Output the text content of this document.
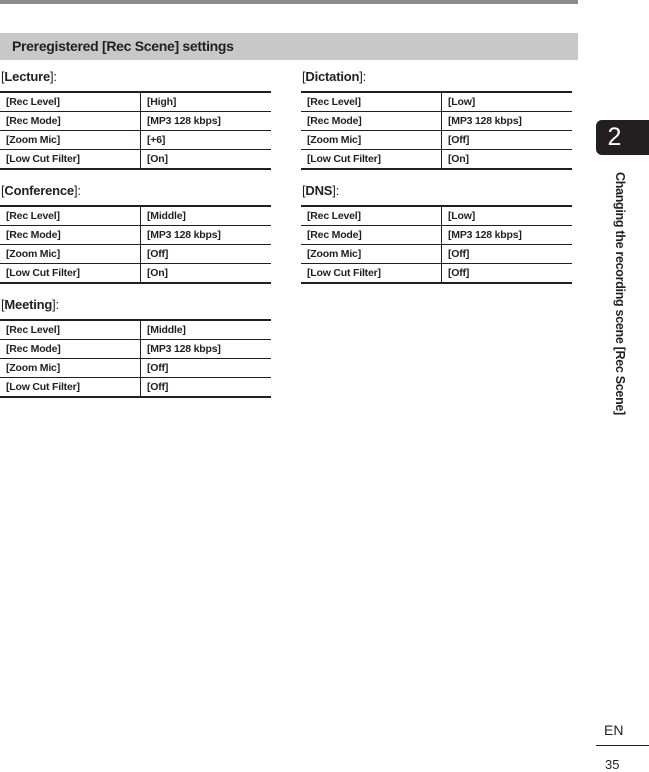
Preregistered [Rec Scene] settings
[Lecture]:
[Rec Level]	[High]
[Rec Mode]	[MP3 128 kbps]
[Zoom Mic]	[+6]
[Low Cut Filter]	[On]
[Conference]:
[Rec Level]	[Middle]
[Rec Mode]	[MP3 128 kbps]
[Zoom Mic]	[Off]
[Low Cut Filter]	[On]
[Meeting]:
[Rec Level]	[Middle]
[Rec Mode]	[MP3 128 kbps]
[Zoom Mic]	[Off]
[Low Cut Filter]	[Off]
[Dictation]:
[Rec Level]	[Low]
[Rec Mode]	[MP3 128 kbps]
[Zoom Mic]	[Off]
[Low Cut Filter]	[On]
[DNS]:
[Rec Level]	[Low]
[Rec Mode]	[MP3 128 kbps]
[Zoom Mic]	[Off]
[Low Cut Filter]	[Off]
2
Changing the recording scene [Rec Scene]
EN
35
